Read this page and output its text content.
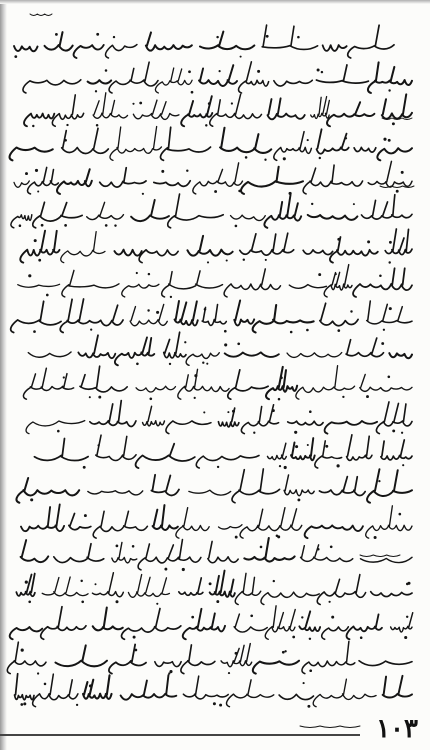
١٠٣
